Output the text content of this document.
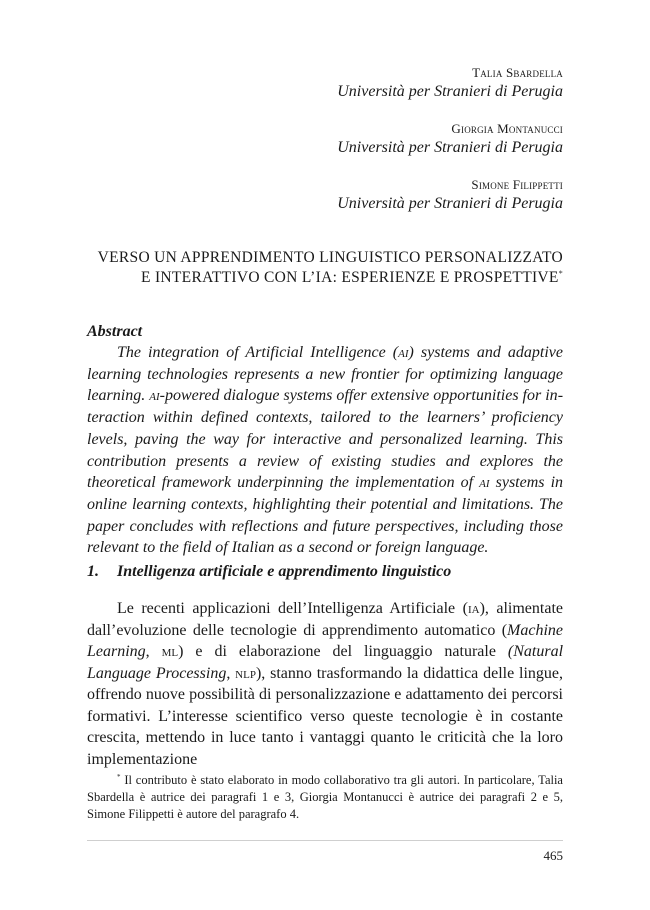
Talia Sbardella
Università per Stranieri di Perugia
Giorgia Montanucci
Università per Stranieri di Perugia
Simone Filippetti
Università per Stranieri di Perugia
VERSO UN APPRENDIMENTO LINGUISTICO PERSONALIZZATO
E INTERATTIVO CON L’IA: ESPERIENZE E PROSPETTIVE*
Abstract

The integration of Artificial Intelligence (ai) systems and adaptive learning technologies represents a new frontier for optimizing language learning. ai-powered dialogue systems offer extensive opportunities for interaction within defined contexts, tailored to the learners’ proficiency levels, paving the way for interactive and personalized learning. This contribution presents a review of existing studies and explores the theoretical framework underpinning the implementation of ai systems in online learning contexts, highlighting their potential and limitations. The paper concludes with reflections and future perspectives, including those relevant to the field of Italian as a second or foreign language.

1. Intelligenza artificiale e apprendimento linguistico

Le recenti applicazioni dell’Intelligenza Artificiale (ia), alimentate dall’evoluzione delle tecnologie di apprendimento automatico (Machine Learning, ml) e di elaborazione del linguaggio naturale (Natural Language Processing, nlp), stanno trasformando la didattica delle lingue, offrendo nuove possibilità di personalizzazione e adattamento dei percorsi formativi. L’interesse scientifico verso queste tecnologie è in costante crescita, mettendo in luce tanto i vantaggi quanto le criticità che la loro implementazione

* Il contributo è stato elaborato in modo collaborativo tra gli autori. In particolare, Talia Sbardella è autrice dei paragrafi 1 e 3, Giorgia Montanucci è autrice dei paragrafi 2 e 5, Simone Filippetti è autore del paragrafo 4.

465
